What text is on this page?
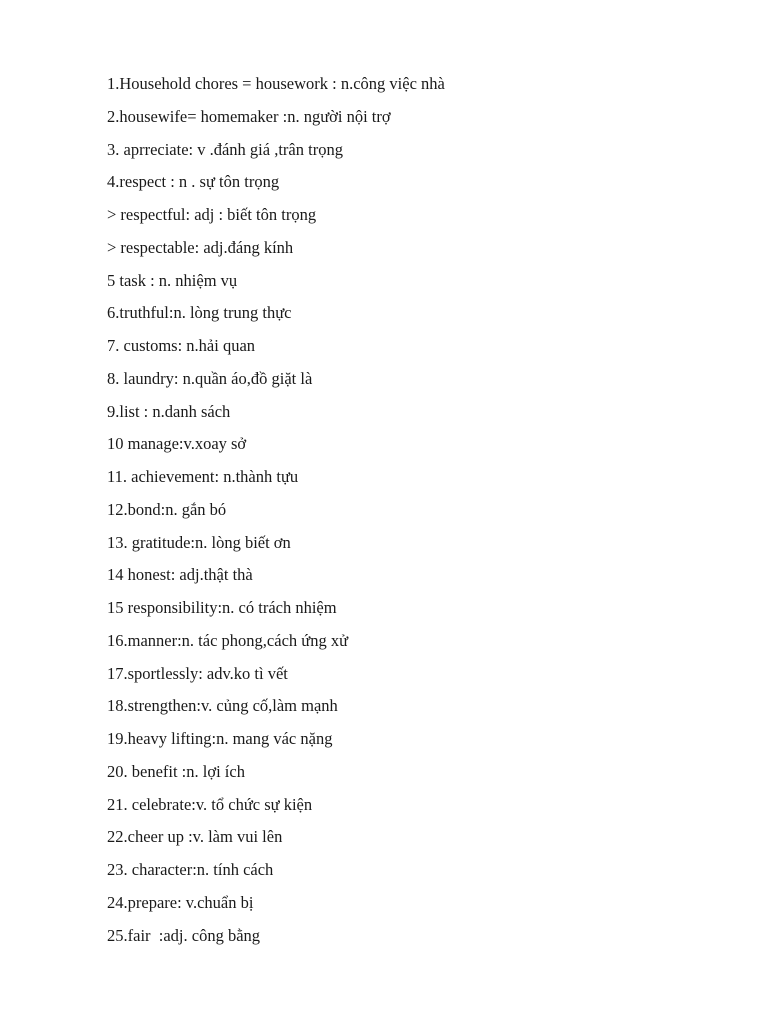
1.Household chores = housework : n.công việc nhà
2.housewife= homemaker :n. người nội trợ
3. aprreciate: v .đánh giá ,trân trọng
4.respect : n . sự tôn trọng
> respectful: adj : biết tôn trọng
> respectable: adj.đáng kính
5 task : n. nhiệm vụ
6.truthful:n. lòng trung thực
7. customs: n.hải quan
8. laundry: n.quần áo,đồ giặt là
9.list : n.danh sách
10 manage:v.xoay sở
11. achievement: n.thành tựu
12.bond:n. gắn bó
13. gratitude:n. lòng biết ơn
14 honest: adj.thật thà
15 responsibility:n. có trách nhiệm
16.manner:n. tác phong,cách ứng xử
17.sportlessly: adv.ko tì vết
18.strengthen:v. củng cố,làm mạnh
19.heavy lifting:n. mang vác nặng
20. benefit :n. lợi ích
21. celebrate:v. tổ chức sự kiện
22.cheer up :v. làm vui lên
23. character:n. tính cách
24.prepare: v.chuẩn bị
25.fair  :adj. công bằng
